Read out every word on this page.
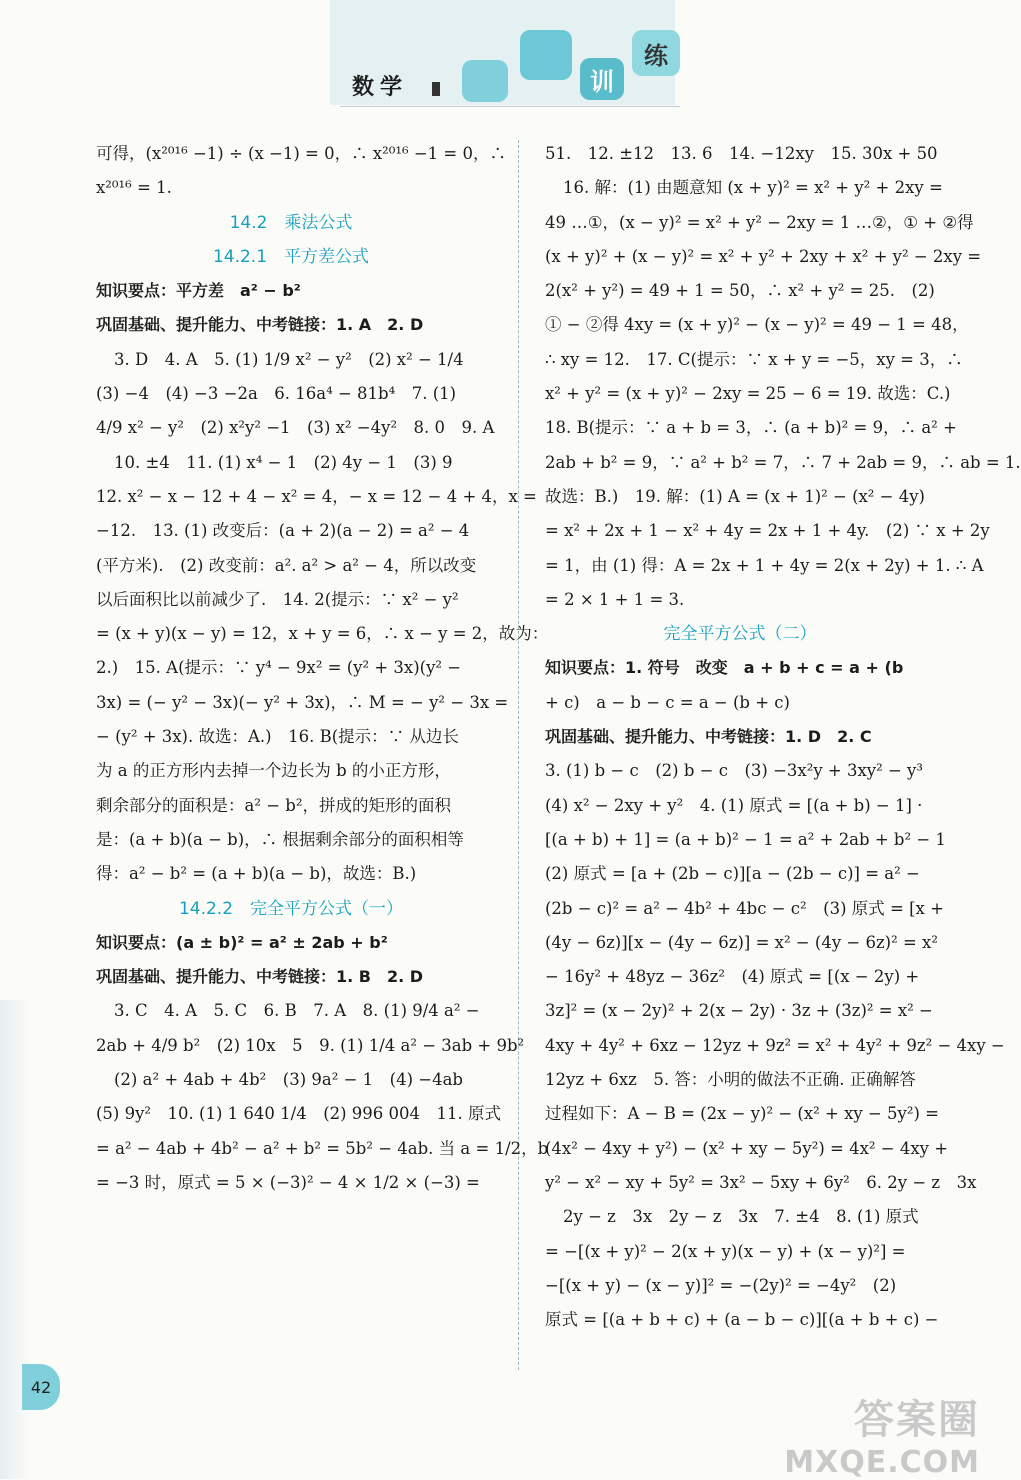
数学	训
练
可得，(x²⁰¹⁶ −1) ÷ (x −1) = 0，∴ x²⁰¹⁶ −1 = 0，∴
x²⁰¹⁶ = 1.
14.2　乘法公式
14.2.1　平方差公式
知识要点：平方差　a² − b²
巩固基础、提升能力、中考链接：1. A　2. D
3. D　4. A　5. (1) 1/9 x² − y²　(2) x² − 1/4
(3) −4　(4) −3 −2a　6. 16a⁴ − 81b⁴　7. (1)
4/9 x² − y²　(2) x²y² −1　(3) x² −4y²　8. 0　9. A
10. ±4　11. (1) x⁴ − 1　(2) 4y − 1　(3) 9
12. x² − x − 12 + 4 − x² = 4，− x = 12 − 4 + 4，x =
−12.　13. (1) 改变后：(a + 2)(a − 2) = a² − 4
(平方米).　(2) 改变前：a². a² > a² − 4，所以改变
以后面积比以前减少了.　14. 2(提示：∵ x² − y²
= (x + y)(x − y) = 12，x + y = 6，∴ x − y = 2，故为：
2.)　15. A(提示：∵ y⁴ − 9x² = (y² + 3x)(y² −
3x) = (− y² − 3x)(− y² + 3x)，∴ M = − y² − 3x =
− (y² + 3x). 故选：A.)　16. B(提示：∵ 从边长
为 a 的正方形内去掉一个边长为 b 的小正方形，
剩余部分的面积是：a² − b²，拼成的矩形的面积
是：(a + b)(a − b)，∴ 根据剩余部分的面积相等
得：a² − b² = (a + b)(a − b)，故选：B.)
14.2.2　完全平方公式（一）
知识要点：(a ± b)² = a² ± 2ab + b²
巩固基础、提升能力、中考链接：1. B　2. D
3. C　4. A　5. C　6. B　7. A　8. (1) 9/4 a² −
2ab + 4/9 b²　(2) 10x　5　9. (1) 1/4 a² − 3ab + 9b²
(2) a² + 4ab + 4b²　(3) 9a² − 1　(4) −4ab
(5) 9y²　10. (1) 1 640 1/4　(2) 996 004　11. 原式
= a² − 4ab + 4b² − a² + b² = 5b² − 4ab. 当 a = 1/2，b
= −3 时，原式 = 5 × (−3)² − 4 × 1/2 × (−3) =
51.　12. ±12　13. 6　14. −12xy　15. 30x + 50
16. 解：(1) 由题意知 (x + y)² = x² + y² + 2xy =
49 …①，(x − y)² = x² + y² − 2xy = 1 …②，① + ②得
(x + y)² + (x − y)² = x² + y² + 2xy + x² + y² − 2xy =
2(x² + y²) = 49 + 1 = 50，∴ x² + y² = 25.　(2)
① − ②得 4xy = (x + y)² − (x − y)² = 49 − 1 = 48，
∴ xy = 12.　17. C(提示：∵ x + y = −5，xy = 3，∴
x² + y² = (x + y)² − 2xy = 25 − 6 = 19. 故选：C.)
18. B(提示：∵ a + b = 3，∴ (a + b)² = 9，∴ a² +
2ab + b² = 9，∵ a² + b² = 7，∴ 7 + 2ab = 9，∴ ab = 1.
故选：B.)　19. 解：(1) A = (x + 1)² − (x² − 4y)
= x² + 2x + 1 − x² + 4y = 2x + 1 + 4y.　(2) ∵ x + 2y
= 1，由 (1) 得：A = 2x + 1 + 4y = 2(x + 2y) + 1. ∴ A
= 2 × 1 + 1 = 3.
完全平方公式（二）
知识要点：1. 符号　改变　a + b + c = a + (b
+ c)　a − b − c = a − (b + c)
巩固基础、提升能力、中考链接：1. D　2. C
3. (1) b − c　(2) b − c　(3) −3x²y + 3xy² − y³
(4) x² − 2xy + y²　4. (1) 原式 = [(a + b) − 1] ·
[(a + b) + 1] = (a + b)² − 1 = a² + 2ab + b² − 1
(2) 原式 = [a + (2b − c)][a − (2b − c)] = a² −
(2b − c)² = a² − 4b² + 4bc − c²　(3) 原式 = [x +
(4y − 6z)][x − (4y − 6z)] = x² − (4y − 6z)² = x²
− 16y² + 48yz − 36z²　(4) 原式 = [(x − 2y) +
3z]² = (x − 2y)² + 2(x − 2y) · 3z + (3z)² = x² −
4xy + 4y² + 6xz − 12yz + 9z² = x² + 4y² + 9z² − 4xy −
12yz + 6xz　5. 答：小明的做法不正确. 正确解答
过程如下：A − B = (2x − y)² − (x² + xy − 5y²) =
(4x² − 4xy + y²) − (x² + xy − 5y²) = 4x² − 4xy +
y² − x² − xy + 5y² = 3x² − 5xy + 6y²　6. 2y − z　3x
2y − z　3x　2y − z　3x　7. ±4　8. (1) 原式
= −[(x + y)² − 2(x + y)(x − y) + (x − y)²] =
−[(x + y) − (x − y)]² = −(2y)² = −4y²　(2)
原式 = [(a + b + c) + (a − b − c)][(a + b + c) −
42
答案圈
MXQE.COM
